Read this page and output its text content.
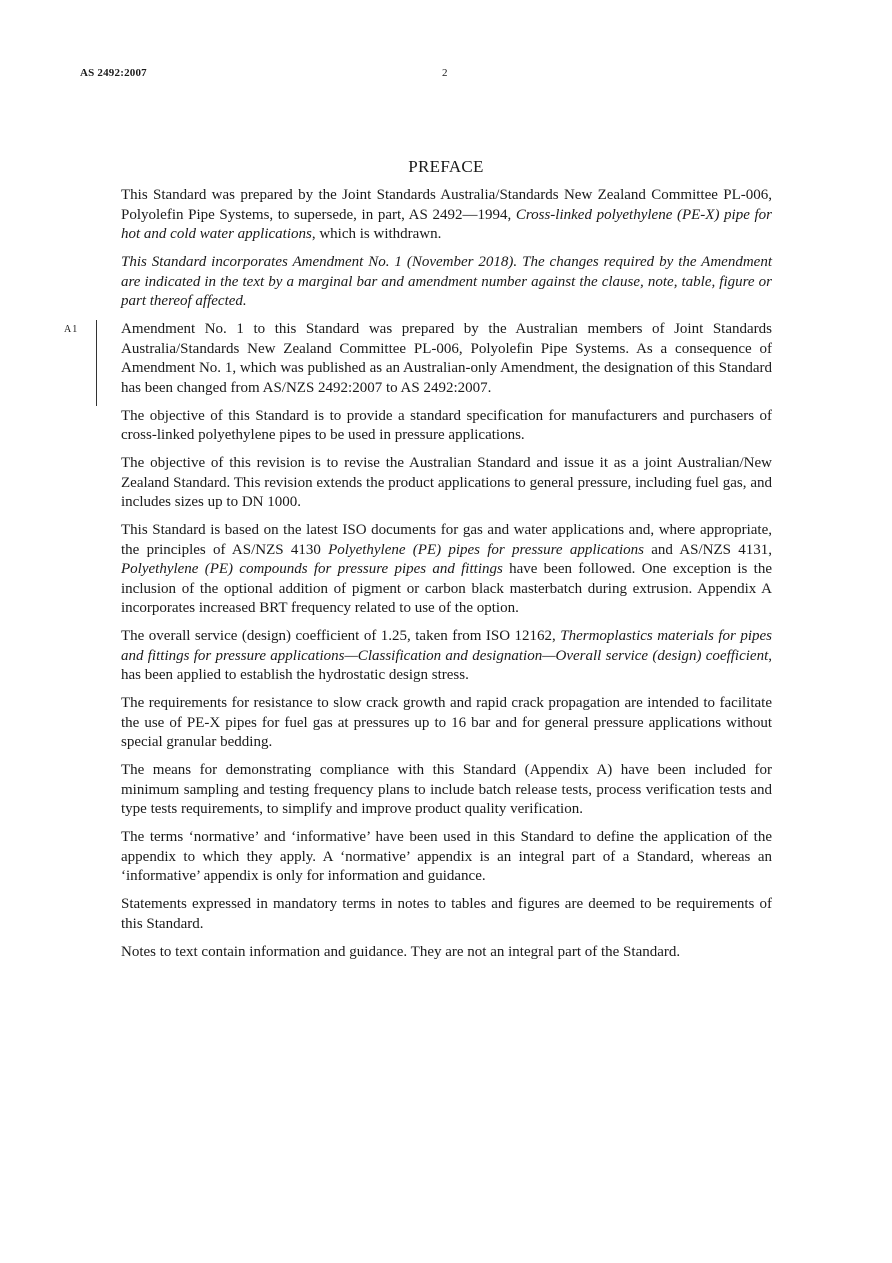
AS 2492:2007	2
PREFACE

This Standard was prepared by the Joint Standards Australia/Standards New Zealand Committee PL-006, Polyolefin Pipe Systems, to supersede, in part, AS 2492—1994, Cross-linked polyethylene (PE-X) pipe for hot and cold water applications, which is withdrawn.

This Standard incorporates Amendment No. 1 (November 2018). The changes required by the Amendment are indicated in the text by a marginal bar and amendment number against the clause, note, table, figure or part thereof affected.

A1	Amendment No. 1 to this Standard was prepared by the Australian members of Joint Standards Australia/Standards New Zealand Committee PL-006, Polyolefin Pipe Systems. As a consequence of Amendment No. 1, which was published as an Australian-only Amendment, the designation of this Standard has been changed from AS/NZS 2492:2007 to AS 2492:2007.

The objective of this Standard is to provide a standard specification for manufacturers and purchasers of cross-linked polyethylene pipes to be used in pressure applications.

The objective of this revision is to revise the Australian Standard and issue it as a joint Australian/New Zealand Standard. This revision extends the product applications to general pressure, including fuel gas, and includes sizes up to DN 1000.

This Standard is based on the latest ISO documents for gas and water applications and, where appropriate, the principles of AS/NZS 4130 Polyethylene (PE) pipes for pressure applications and AS/NZS 4131, Polyethylene (PE) compounds for pressure pipes and fittings have been followed. One exception is the inclusion of the optional addition of pigment or carbon black masterbatch during extrusion. Appendix A incorporates increased BRT frequency related to use of the option.

The overall service (design) coefficient of 1.25, taken from ISO 12162, Thermoplastics materials for pipes and fittings for pressure applications—Classification and designation—Overall service (design) coefficient, has been applied to establish the hydrostatic design stress.

The requirements for resistance to slow crack growth and rapid crack propagation are intended to facilitate the use of PE-X pipes for fuel gas at pressures up to 16 bar and for general pressure applications without special granular bedding.

The means for demonstrating compliance with this Standard (Appendix A) have been included for minimum sampling and testing frequency plans to include batch release tests, process verification tests and type tests requirements, to simplify and improve product quality verification.

The terms ‘normative’ and ‘informative’ have been used in this Standard to define the application of the appendix to which they apply. A ‘normative’ appendix is an integral part of a Standard, whereas an ‘informative’ appendix is only for information and guidance.

Statements expressed in mandatory terms in notes to tables and figures are deemed to be requirements of this Standard.

Notes to text contain information and guidance. They are not an integral part of the Standard.
